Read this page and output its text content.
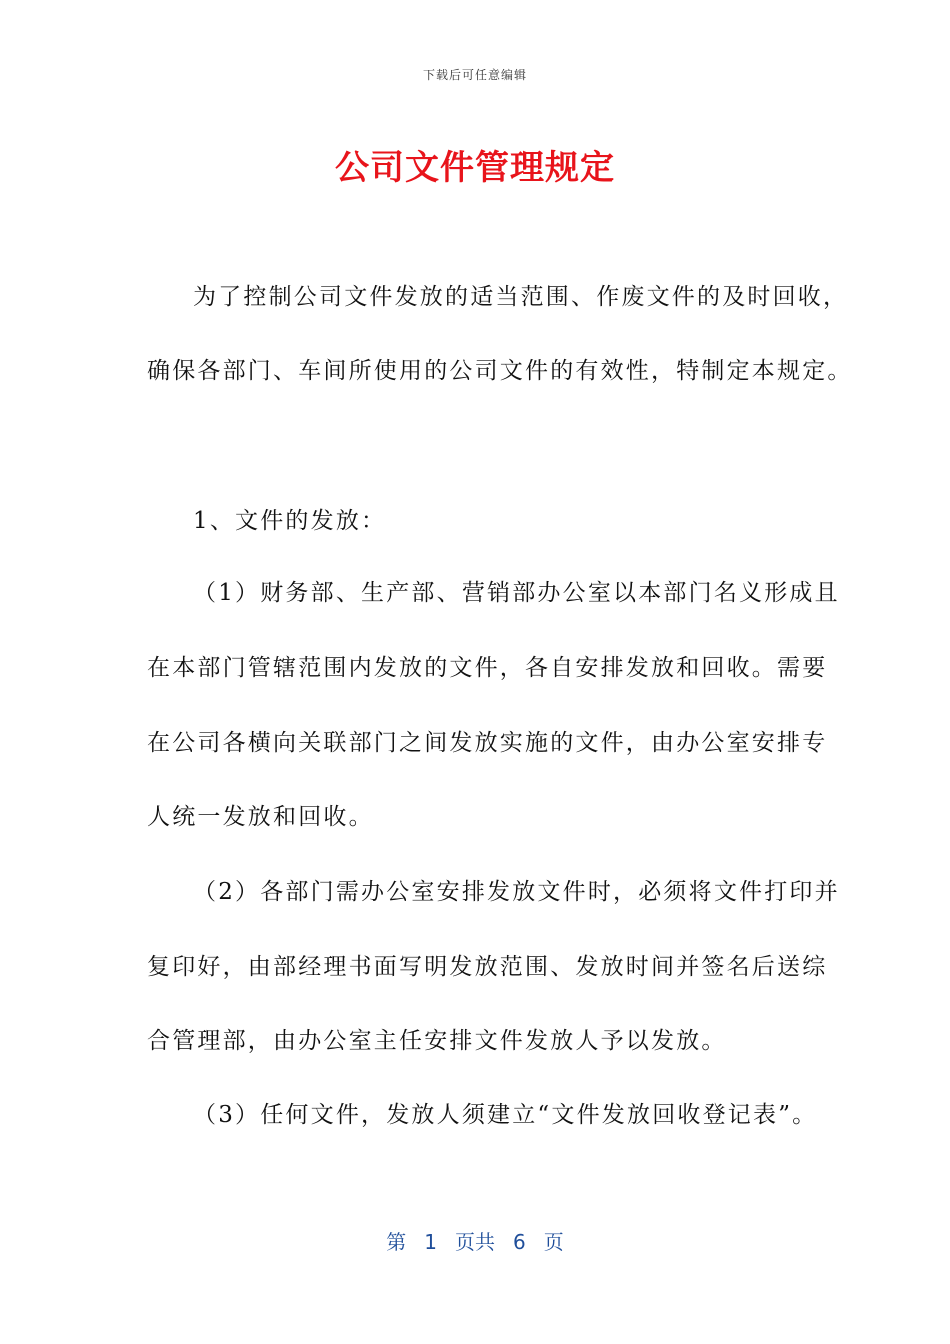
下载后可任意编辑
公司文件管理规定
为了控制公司文件发放的适当范围、作废文件的及时回收，
确保各部门、车间所使用的公司文件的有效性，特制定本规定。
1、文件的发放：
（1）财务部、生产部、营销部办公室以本部门名义形成且
在本部门管辖范围内发放的文件，各自安排发放和回收。需要
在公司各横向关联部门之间发放实施的文件，由办公室安排专
人统一发放和回收。
（2）各部门需办公室安排发放文件时，必须将文件打印并
复印好，由部经理书面写明发放范围、发放时间并签名后送综
合管理部，由办公室主任安排文件发放人予以发放。
（3）任何文件，发放人须建立“文件发放回收登记表”。
第 1 页共 6 页
